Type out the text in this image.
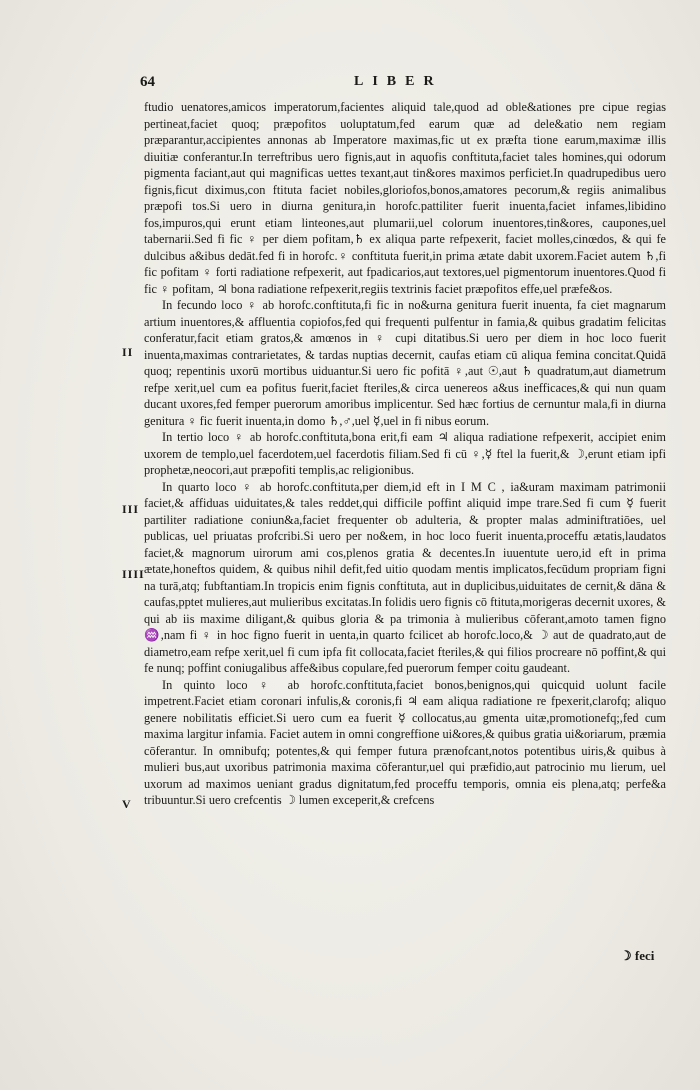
64	LIBER
II
III
IIII
V

ftudio uenatores,amicos imperatorum,facientes aliquid tale,quod ad oble&ationes pre cipue regias pertineat,faciet quoq; præpofitos uoluptatum,fed earum quæ ad dele&atio nem regiam præparantur,accipientes annonas ab Imperatore maximas,fic ut ex præfta tione earum,maximæ illis diuitiæ conferantur.In terreftribus uero fignis,aut in aquofis conftituta,faciet tales homines,qui odorum pigmenta faciant,aut qui magnificas uettes texant,aut tin&ores maximos perficiet.In quadrupedibus uero fignis,ficut diximus,con ftituta faciet nobiles,gloriofos,bonos,amatores pecorum,& regiis animalibus præpofi tos.Si uero in diurna genitura,in horofc.pattiliter fuerit inuenta,faciet infames,libidino fos,impuros,qui erunt etiam linteones,aut plumarii,uel colorum inuentores,tin&ores, caupones,uel tabernarii.Sed fi fic ♀ per diem pofitam,♄ ex aliqua parte refpexerit, faciet molles,cinœdos, & qui fe dulcibus a&ibus dedāt.fed fi in horofc.♀ conftituta fuerit,in prima ætate dabit uxorem.Faciet autem ♄,fi fic pofitam ♀ forti radiatione refpexerit, aut fpadicarios,aut textores,uel pigmentorum inuentores.Quod fi fic ♀ pofitam, ♃ bona radiatione refpexerit,regiis textrinis faciet præpofitos effe,uel præfe&os.

In fecundo loco ♀ ab horofc.conftituta,fi fic in no&urna genitura fuerit inuenta, fa ciet magnarum artium inuentores,& affluentia copiofos,fed qui frequenti pulfentur in famia,& quibus gradatim felicitas conferatur,facit etiam gratos,& amœnos in ♀ cupi ditatibus.Si uero per diem in hoc loco fuerit inuenta,maximas contrarietates, & tardas nuptias decernit, caufas etiam cū aliqua femina concitat.Quidā quoq; repentinis uxorū mortibus uiduantur.Si uero fic pofitā ♀,aut ☉,aut ♄ quadratum,aut diametrum refpe xerit,uel cum ea pofitus fuerit,faciet fteriles,& circa uenereos a&us inefficaces,& qui nun quam ducant uxores,fed femper puerorum amoribus implicentur. Sed hæc fortius de cernuntur mala,fi in diurna genitura ♀ fic fuerit inuenta,in domo ♄,♂,uel ☿,uel in fi nibus eorum.

In tertio loco ♀ ab horofc.conftituta,bona erit,fi eam ♃ aliqua radiatione refpexerit, accipiet enim uxorem de templo,uel facerdotem,uel facerdotis filiam.Sed fi cū ♀,☿ ftel la fuerit,& ☽,erunt etiam ipfi prophetæ,neocori,aut præpofiti templis,ac religionibus.

In quarto loco ♀ ab horofc.conftituta,per diem,id eft in I M C , ia&uram maximam patrimonii faciet,& affiduas uiduitates,& tales reddet,qui difficile poffint aliquid impe trare.Sed fi cum ☿ fuerit partiliter radiatione coniun&a,faciet frequenter ob adulteria, & propter malas adminiftratiōes, uel publicas, uel priuatas profcribi.Si uero per no&em, in hoc loco fuerit inuenta,proceffu ætatis,laudatos faciet,& magnorum uirorum ami cos,plenos gratia & decentes.In iuuentute uero,id eft in prima ætate,honeftos quidem, & quibus nihil defit,fed uitio quodam mentis implicatos,fecūdum propriam figni na turā,atq; fubftantiam.In tropicis enim fignis conftituta, aut in duplicibus,uiduitates de cernit,& dāna & caufas,pptet mulieres,aut mulieribus excitatas.In folidis uero fignis cō ftituta,morigeras decernit uxores, & qui ab iis maxime diligant,& quibus gloria & pa trimonia à mulieribus cōferant,amoto tamen figno ♒,nam fi ♀ in hoc figno fuerit in uenta,in quarto fcilicet ab horofc.loco,& ☽ aut de quadrato,aut de diametro,eam refpe xerit,uel fi cum ipfa fit collocata,faciet fteriles,& qui filios procreare nō poffint,& qui fe nunq; poffint coniugalibus affe&ibus copulare,fed puerorum femper coitu gaudeant.

In quinto loco ♀ ab horofc.conftituta,faciet bonos,benignos,qui quicquid uolunt facile impetrent.Faciet etiam coronari infulis,& coronis,fi ♃ eam aliqua radiatione re fpexerit,clarofq; aliquo genere nobilitatis efficiet.Si uero cum ea fuerit ☿ collocatus,au gmenta uitæ,promotionefq;,fed cum maxima largitur infamia. Faciet autem in omni congreffione ui&ores,& quibus gratia ui&oriarum, præmia cōferantur. In omnibufq; potentes,& qui femper futura prænofcant,notos potentibus uiris,& quibus à mulieri bus,aut uxoribus patrimonia maxima cōferantur,uel qui præfidio,aut patrocinio mu lierum, uel uxorum ad maximos ueniant gradus dignitatum,fed proceffu temporis, omnia eis plena,atq; perfe&a tribuuntur.Si uero crefcentis ☽ lumen exceperit,& crefcens

☽ feci
